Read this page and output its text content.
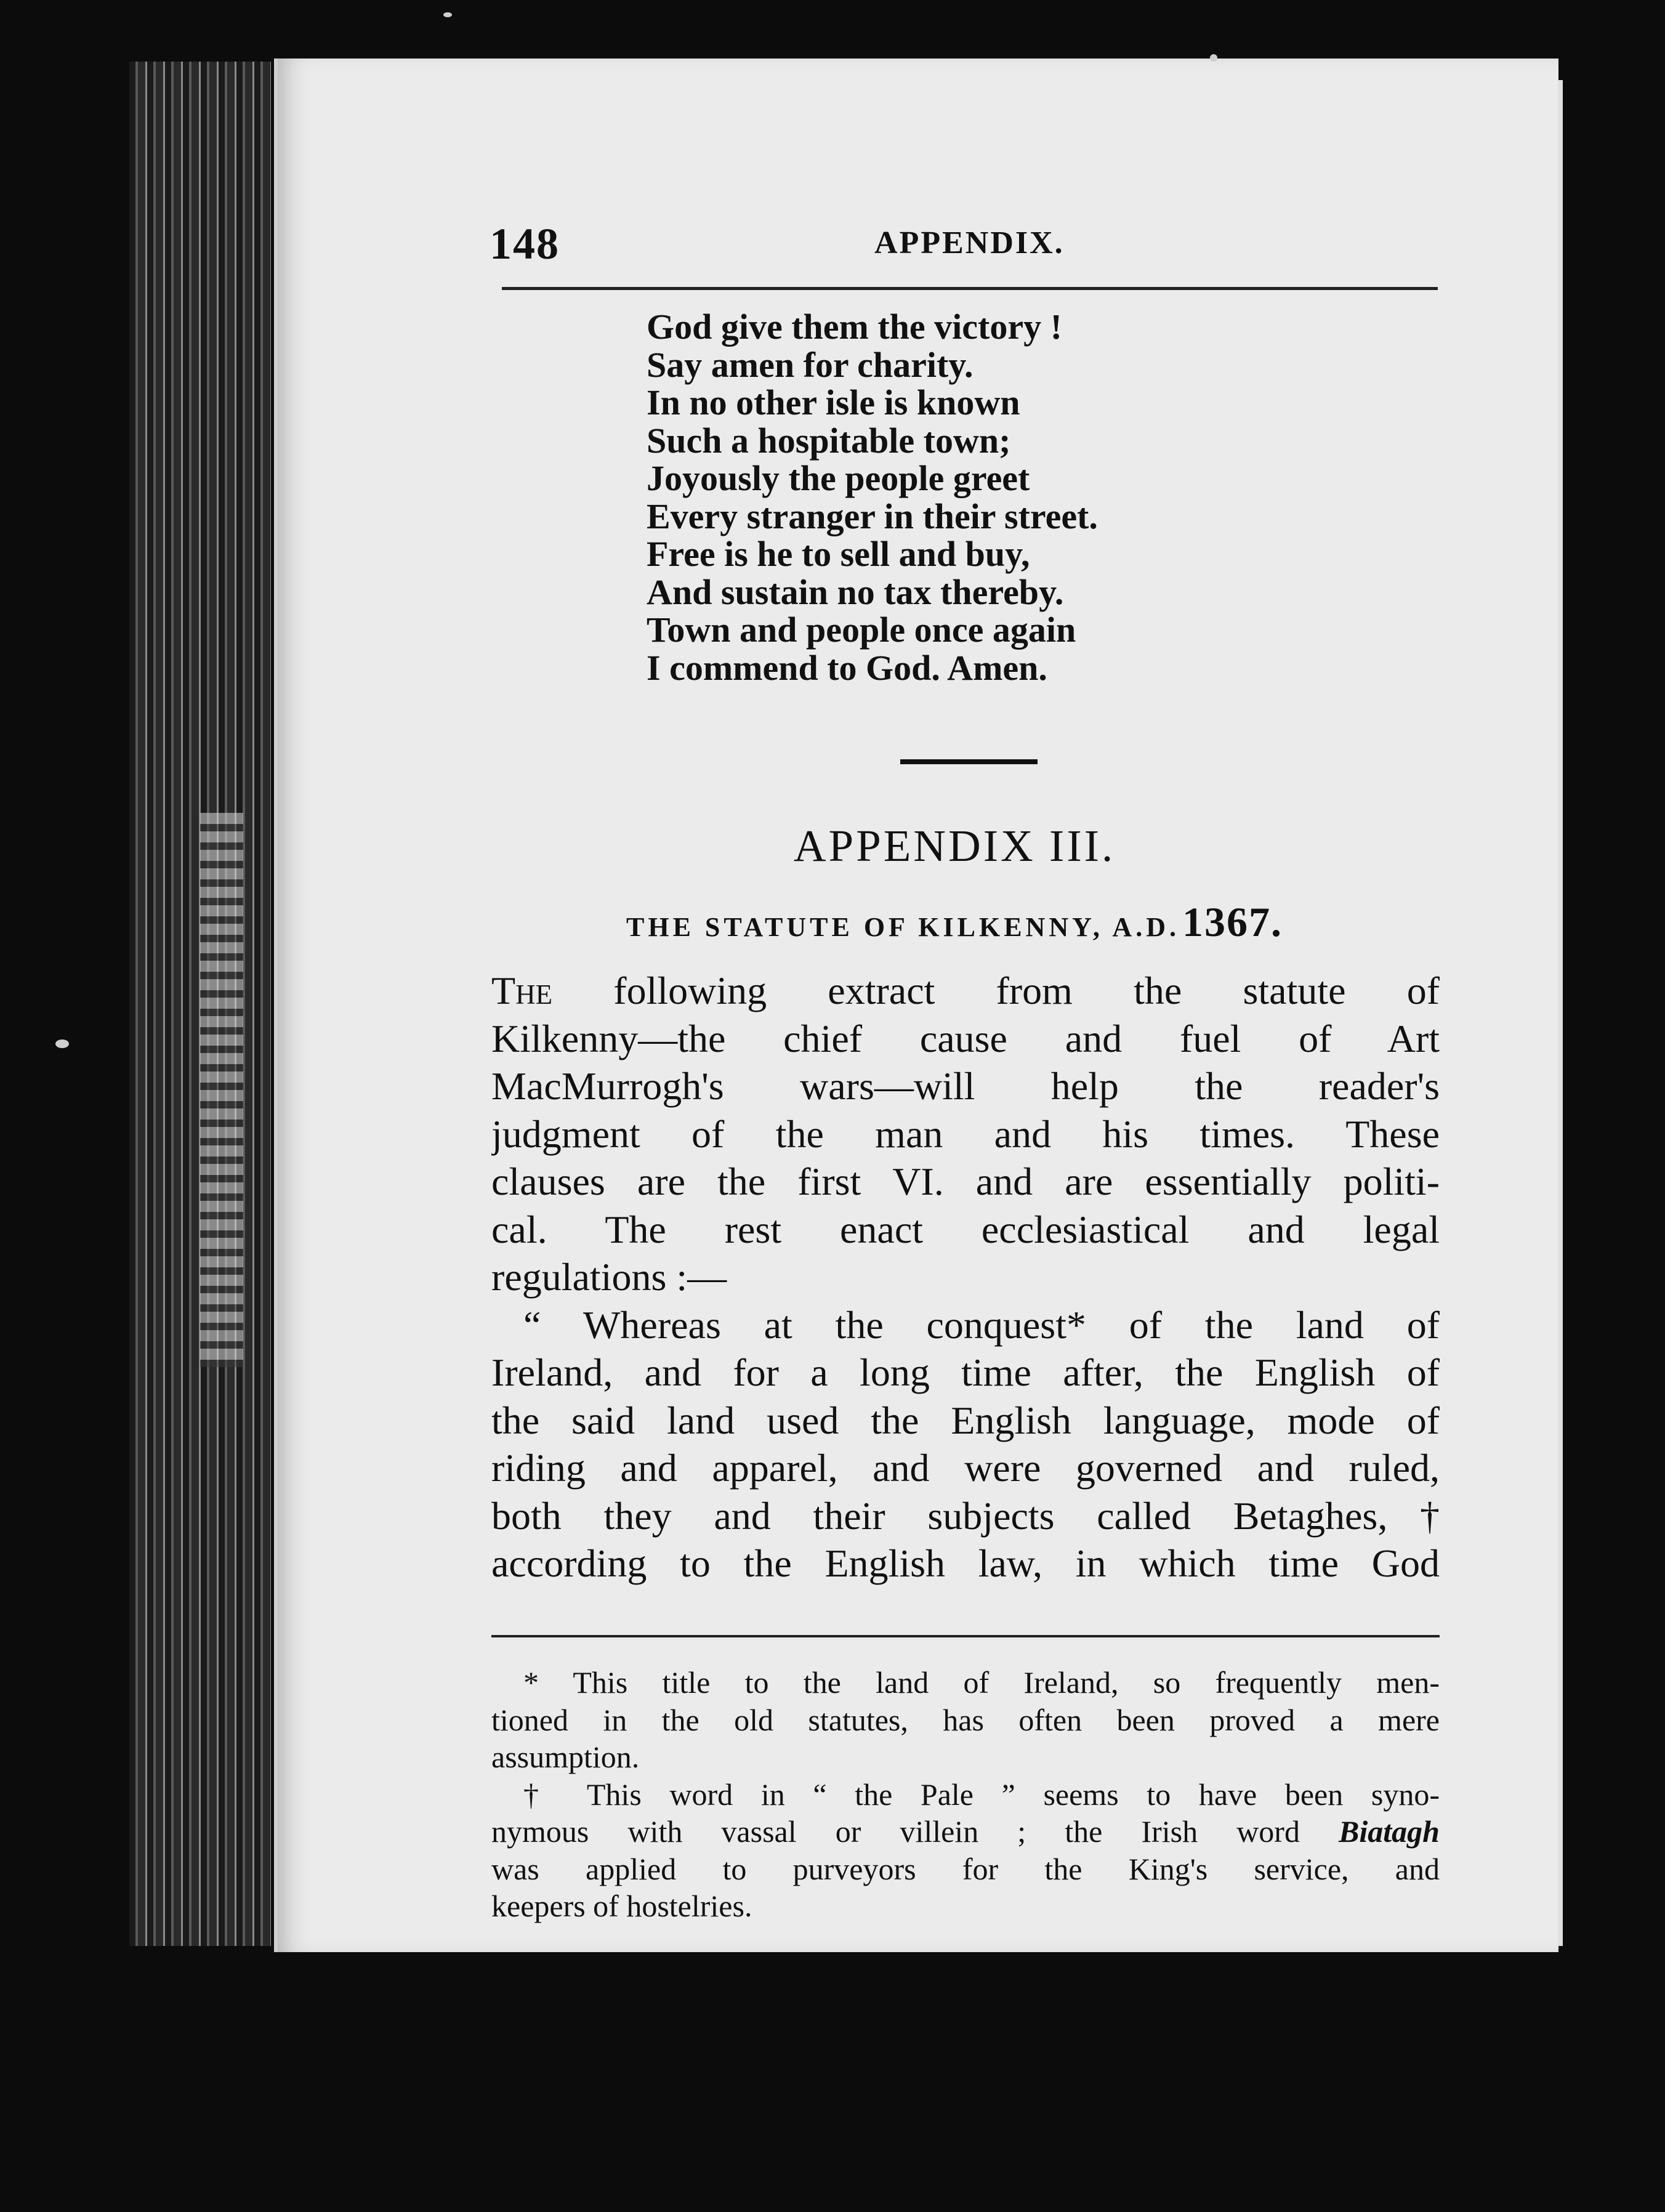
148	APPENDIX.
God give them the victory !
Say amen for charity.
In no other isle is known
Such a hospitable town;
Joyously the people greet
Every stranger in their street.
Free is he to sell and buy,
And sustain no tax thereby.
Town and people once again
I commend to God. Amen.
APPENDIX III.
THE STATUTE OF KILKENNY, A.D. 1367.
The following extract from the statute of
Kilkenny—the chief cause and fuel of Art
MacMurrogh's wars—will help the reader's
judgment of the man and his times. These
clauses are the first VI. and are essentially politi-
cal. The rest enact ecclesiastical and legal
regulations :—
“ Whereas at the conquest* of the land of
Ireland, and for a long time after, the English of
the said land used the English language, mode of
riding and apparel, and were governed and ruled,
both they and their subjects called Betaghes,†
according to the English law, in which time God
* This title to the land of Ireland, so frequently men-
tioned in the old statutes, has often been proved a mere
assumption.
† This word in “ the Pale ” seems to have been syno-
nymous with vassal or villein ; the Irish word Biatagh
was applied to purveyors for the King's service, and
keepers of hostelries.
